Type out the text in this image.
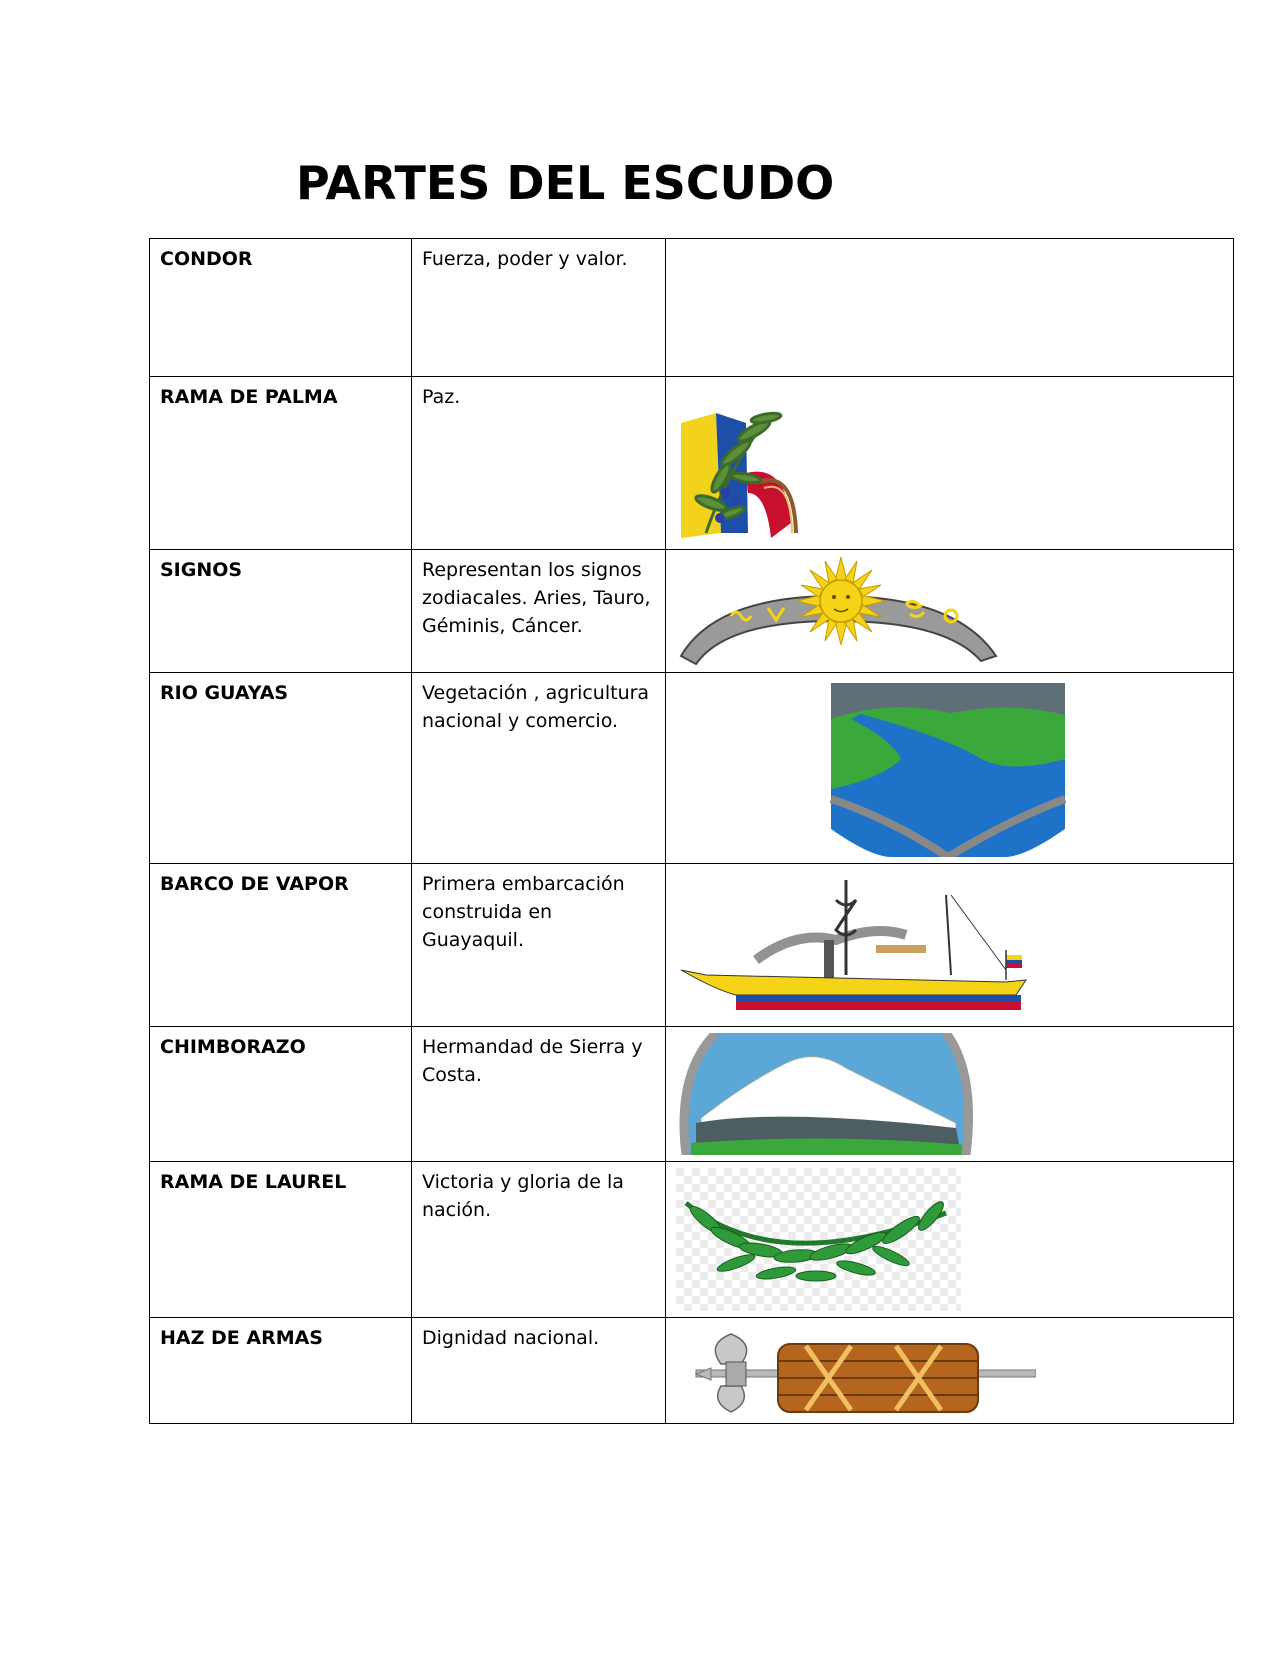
PARTES DEL ESCUDO
CONDOR	Fuerza, poder y valor.	
RAMA DE PALMA	Paz.	

SIGNOS	Representan los signos zodiacales. Aries, Tauro, Géminis, Cáncer.	

RIO GUAYAS	Vegetación , agricultura nacional y comercio.	

BARCO DE VAPOR	Primera embarcación construida en Guayaquil.	

CHIMBORAZO	Hermandad de Sierra y Costa.	

RAMA DE LAUREL	Victoria y gloria de la nación.	

HAZ DE ARMAS	Dignidad nacional.	
